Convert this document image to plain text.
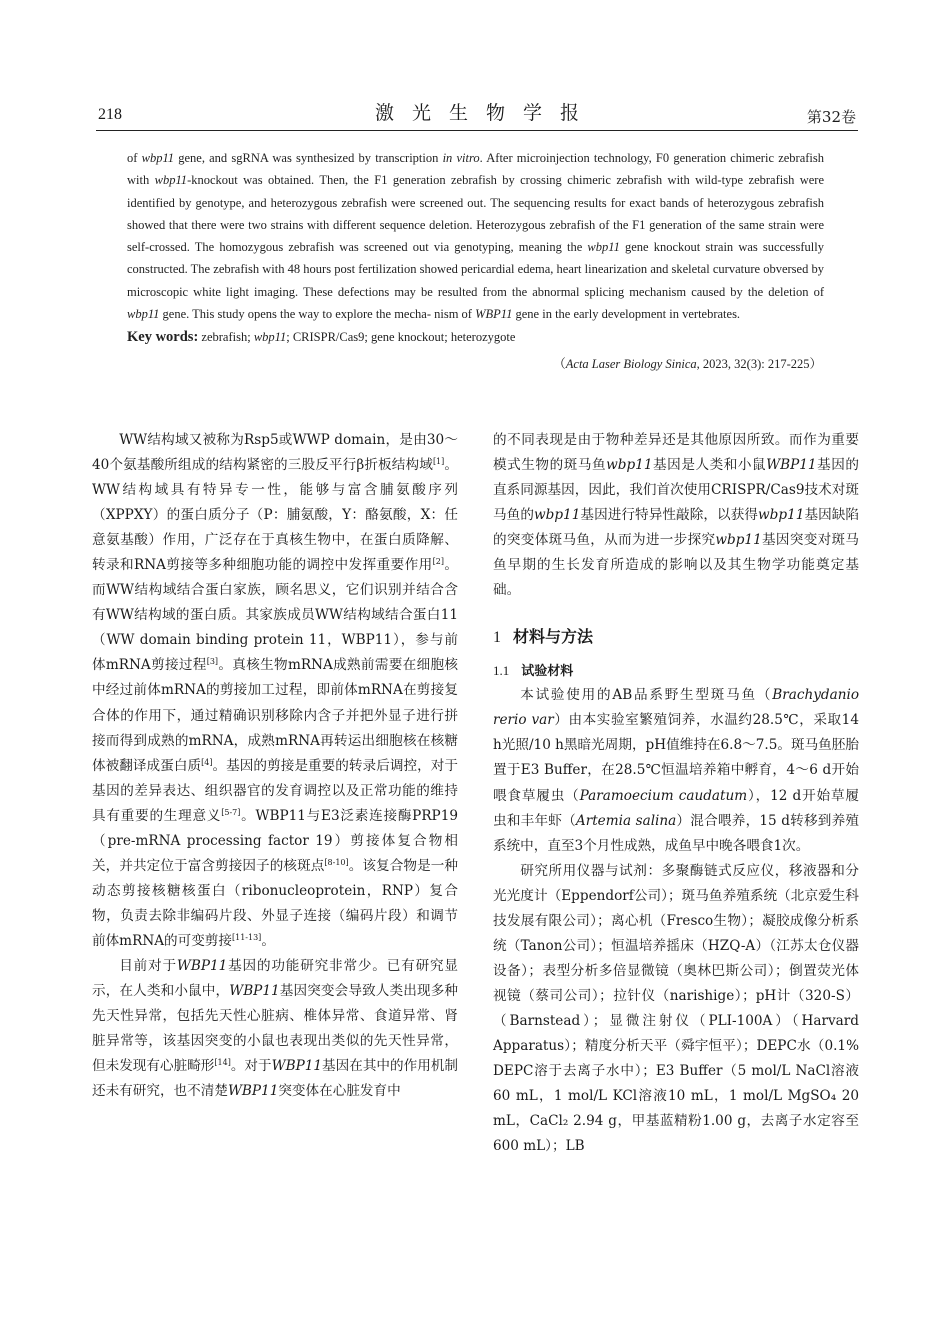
218	激光生物学报	第32卷

of wbp11 gene, and sgRNA was synthesized by transcription in vitro. After microinjection technology, F0 generation chimeric zebrafish with wbp11-knockout was obtained. Then, the F1 generation zebrafish by crossing chimeric zebrafish with wild-type zebrafish were identified by genotype, and heterozygous zebrafish were screened out. The sequencing results for exact bands of heterozygous zebrafish showed that there were two strains with different sequence deletion. Heterozygous zebrafish of the F1 generation of the same strain were self-crossed. The homozygous zebrafish was screened out via genotyping, meaning the wbp11 gene knockout strain was successfully constructed. The zebrafish with 48 hours post fertilization showed pericardial edema, heart linearization and skeletal curvature obversed by microscopic white light imaging. These defections may be resulted from the abnormal splicing mechanism caused by the deletion of wbp11 gene. This study opens the way to explore the mecha- nism of WBP11 gene in the early development in vertebrates.

Key words: zebrafish; wbp11; CRISPR/Cas9; gene knockout; heterozygote
（Acta Laser Biology Sinica, 2023, 32(3): 217-225）

WW结构域又被称为Rsp5或WWP domain，是由30～40个氨基酸所组成的结构紧密的三股反平行β折板结构域[1]。WW结构域具有特异专一性，能够与富含脯氨酸序列（XPPXY）的蛋白质分子（P：脯氨酸，Y：酪氨酸，X：任意氨基酸）作用，广泛存在于真核生物中，在蛋白质降解、转录和RNA剪接等多种细胞功能的调控中发挥重要作用[2]。而WW结构域结合蛋白家族，顾名思义，它们识别并结合含有WW结构域的蛋白质。其家族成员WW结构域结合蛋白11（WW domain binding protein 11，WBP11），参与前体mRNA剪接过程[3]。真核生物mRNA成熟前需要在细胞核中经过前体mRNA的剪接加工过程，即前体mRNA在剪接复合体的作用下，通过精确识别移除内含子并把外显子进行拼接而得到成熟的mRNA，成熟mRNA再转运出细胞核在核糖体被翻译成蛋白质[4]。基因的剪接是重要的转录后调控，对于基因的差异表达、组织器官的发育调控以及正常功能的维持具有重要的生理意义[5-7]。WBP11与E3泛素连接酶PRP19（pre-mRNA processing factor 19）剪接体复合物相关，并共定位于富含剪接因子的核斑点[8-10]。该复合物是一种动态剪接核糖核蛋白（ribonucleoprotein，RNP）复合物，负责去除非编码片段、外显子连接（编码片段）和调节前体mRNA的可变剪接[11-13]。

目前对于WBP11基因的功能研究非常少。已有研究显示，在人类和小鼠中，WBP11基因突变会导致人类出现多种先天性异常，包括先天性心脏病、椎体异常、食道异常、肾脏异常等，该基因突变的小鼠也表现出类似的先天性异常，但未发现有心脏畸形[14]。对于WBP11基因在其中的作用机制还未有研究，也不清楚WBP11突变体在心脏发育中

的不同表现是由于物种差异还是其他原因所致。而作为重要模式生物的斑马鱼wbp11基因是人类和小鼠WBP11基因的直系同源基因，因此，我们首次使用CRISPR/Cas9技术对斑马鱼的wbp11基因进行特异性敲除，以获得wbp11基因缺陷的突变体斑马鱼，从而为进一步探究wbp11基因突变对斑马鱼早期的生长发育所造成的影响以及其生物学功能奠定基础。

1 材料与方法
1.1 试验材料

本试验使用的AB品系野生型斑马鱼（Brachydanio rerio var）由本实验室繁殖饲养，水温约28.5℃，采取14 h光照/10 h黑暗光周期，pH值维持在6.8～7.5。斑马鱼胚胎置于E3 Buffer，在28.5℃恒温培养箱中孵育，4～6 d开始喂食草履虫（Paramoecium caudatum），12 d开始草履虫和丰年虾（Artemia salina）混合喂养，15 d转移到养殖系统中，直至3个月性成熟，成鱼早中晚各喂食1次。

研究所用仪器与试剂：多聚酶链式反应仪，移液器和分光光度计（Eppendorf公司）；斑马鱼养殖系统（北京爱生科技发展有限公司）；离心机（Fresco生物）；凝胶成像分析系统（Tanon公司）；恒温培养摇床（HZQ-A）（江苏太仓仪器设备）；表型分析多倍显微镜（奥林巴斯公司）；倒置荧光体视镜（蔡司公司）；拉针仪（narishige）；pH计（320-S）（Barnstead）；显微注射仪（PLI-100A）（Harvard Apparatus）；精度分析天平（舜宇恒平）；DEPC水（0.1% DEPC溶于去离子水中）；E3 Buffer（5 mol/L NaCl溶液60 mL，1 mol/L KCl溶液10 mL，1 mol/L MgSO₄ 20 mL，CaCl₂ 2.94 g，甲基蓝精粉1.00 g，去离子水定容至600 mL）；LB
